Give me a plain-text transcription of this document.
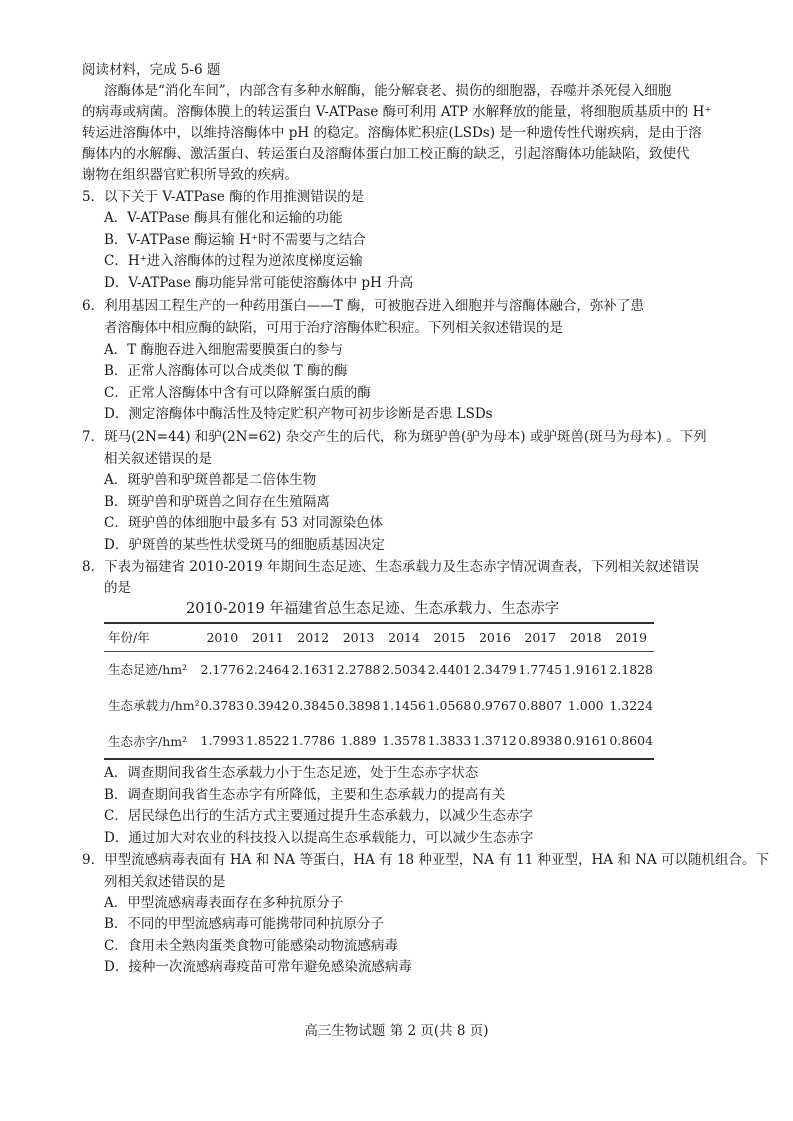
阅读材料，完成 5-6 题
溶酶体是“消化车间”，内部含有多种水解酶，能分解衰老、损伤的细胞器，吞噬并杀死侵入细胞
的病毒或病菌。溶酶体膜上的转运蛋白 V-ATPase 酶可利用 ATP 水解释放的能量，将细胞质基质中的 H⁺
转运进溶酶体中，以维持溶酶体中 pH 的稳定。溶酶体贮积症(LSDs) 是一种遗传性代谢疾病，是由于溶
酶体内的水解酶、激活蛋白、转运蛋白及溶酶体蛋白加工校正酶的缺乏，引起溶酶体功能缺陷，致使代
谢物在组织器官贮积所导致的疾病。
5．以下关于 V-ATPase 酶的作用推测错误的是
A．V-ATPase 酶具有催化和运输的功能
B．V-ATPase 酶运输 H⁺时不需要与之结合
C．H⁺进入溶酶体的过程为逆浓度梯度运输
D．V-ATPase 酶功能异常可能使溶酶体中 pH 升高
6．利用基因工程生产的一种药用蛋白——T 酶，可被胞吞进入细胞并与溶酶体融合，弥补了患
者溶酶体中相应酶的缺陷，可用于治疗溶酶体贮积症。下列相关叙述错误的是
A．T 酶胞吞进入细胞需要膜蛋白的参与
B．正常人溶酶体可以合成类似 T 酶的酶
C．正常人溶酶体中含有可以降解蛋白质的酶
D．测定溶酶体中酶活性及特定贮积产物可初步诊断是否患 LSDs
7．斑马(2N=44) 和驴(2N=62) 杂交产生的后代，称为斑驴兽(驴为母本) 或驴斑兽(斑马为母本) 。下列
相关叙述错误的是
A．斑驴兽和驴斑兽都是二倍体生物
B．斑驴兽和驴斑兽之间存在生殖隔离
C．斑驴兽的体细胞中最多有 53 对同源染色体
D．驴斑兽的某些性状受斑马的细胞质基因决定
8．下表为福建省 2010-2019 年期间生态足迹、生态承载力及生态赤字情况调查表，下列相关叙述错误
的是
2010-2019 年福建省总生态足迹、生态承载力、生态赤字
年份/年	2010	2011	2012	2013	2014	2015	2016	2017	2018	2019
生态足迹/hm²	2.1776	2.2464	2.1631	2.2788	2.5034	2.4401	2.3479	1.7745	1.9161	2.1828
生态承载力/hm²	0.3783	0.3942	0.3845	0.3898	1.1456	1.0568	0.9767	0.8807	1.000	1.3224
生态赤字/hm²	1.7993	1.8522	1.7786	1.889	1.3578	1.3833	1.3712	0.8938	0.9161	0.8604
A．调查期间我省生态承载力小于生态足迹，处于生态赤字状态
B．调查期间我省生态赤字有所降低，主要和生态承载力的提高有关
C．居民绿色出行的生活方式主要通过提升生态承载力，以减少生态赤字
D．通过加大对农业的科技投入以提高生态承载能力，可以减少生态赤字
9．甲型流感病毒表面有 HA 和 NA 等蛋白，HA 有 18 种亚型，NA 有 11 种亚型，HA 和 NA 可以随机组合。下
列相关叙述错误的是
A．甲型流感病毒表面存在多种抗原分子
B．不同的甲型流感病毒可能携带同种抗原分子
C．食用未全熟肉蛋类食物可能感染动物流感病毒
D．接种一次流感病毒疫苗可常年避免感染流感病毒
高三生物试题 第 2 页(共 8 页)
